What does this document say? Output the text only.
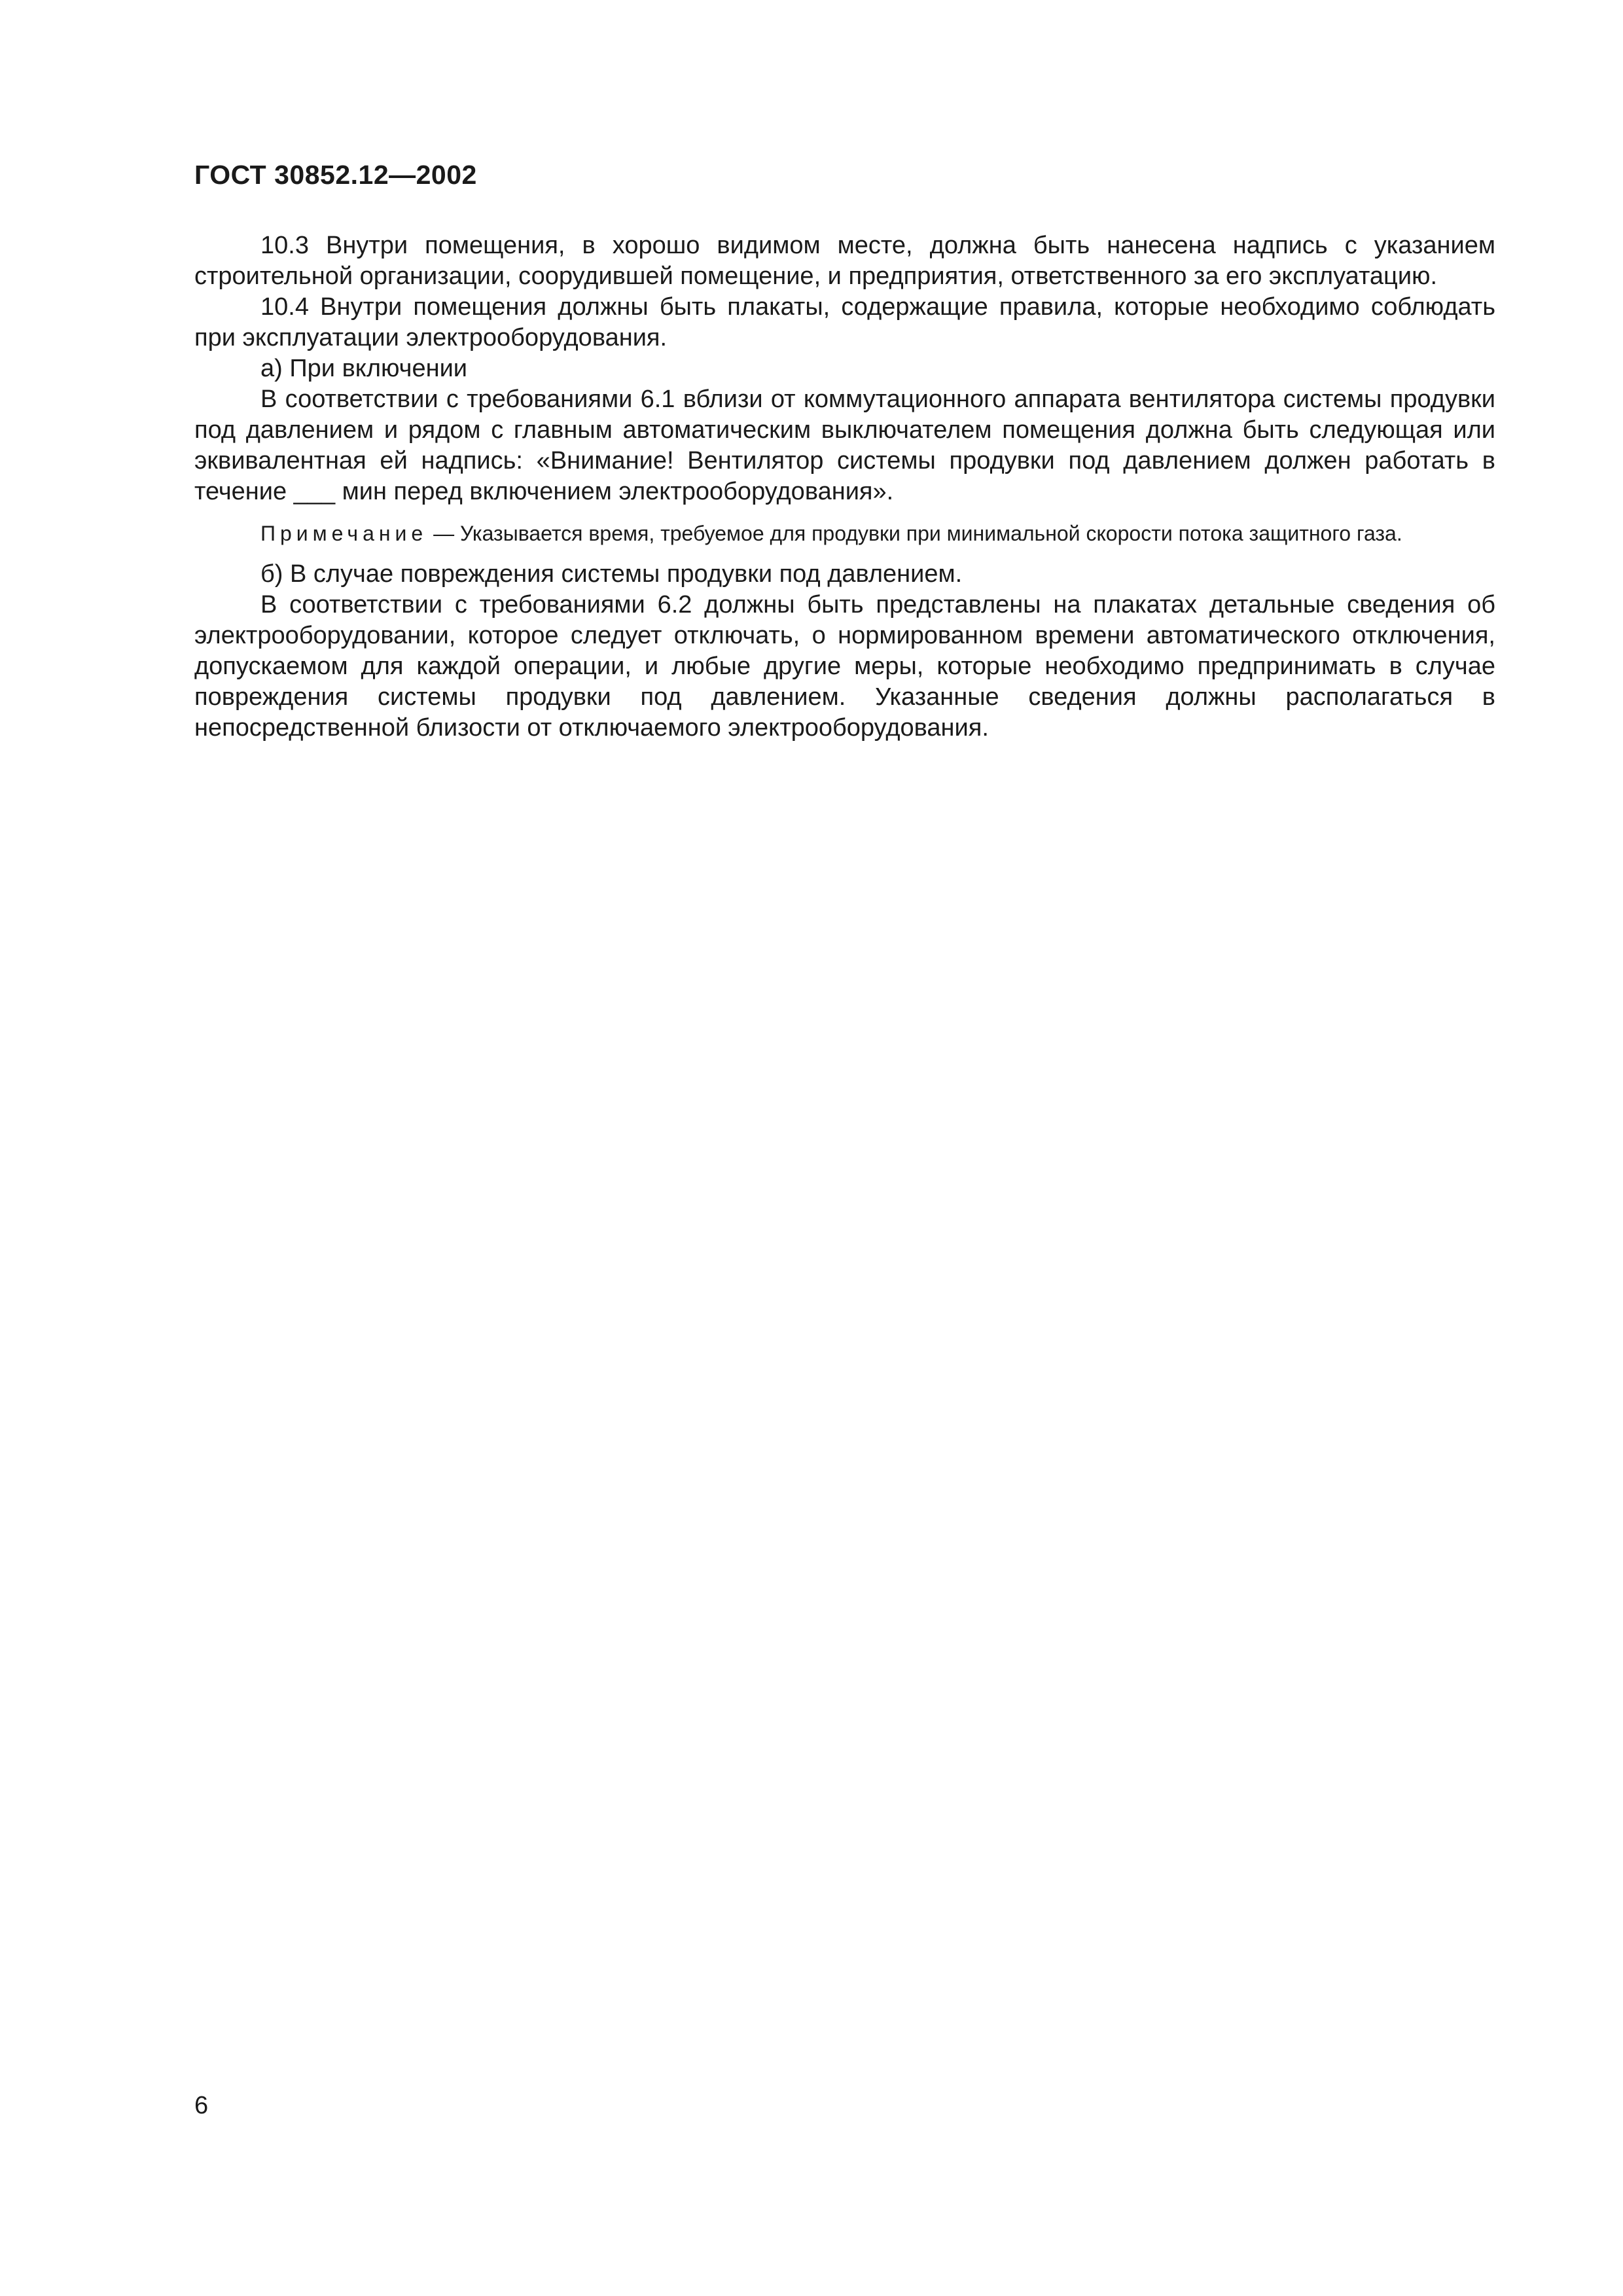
ГОСТ 30852.12—2002

10.3 Внутри помещения, в хорошо видимом месте, должна быть нанесена надпись с указанием строительной организации, соорудившей помещение, и предприятия, ответственного за его эксплуатацию.

10.4 Внутри помещения должны быть плакаты, содержащие правила, которые необходимо соблюдать при эксплуатации электрооборудования.

а) При включении

В соответствии с требованиями 6.1 вблизи от коммутационного аппарата вентилятора системы продувки под давлением и рядом с главным автоматическим выключателем помещения должна быть следующая или эквивалентная ей надпись: «Внимание! Вентилятор системы продувки под давлением должен работать в течение ___ мин перед включением электрооборудования».

Примечание — Указывается время, требуемое для продувки при минимальной скорости потока защитного газа.

б) В случае повреждения системы продувки под давлением.

В соответствии с требованиями 6.2 должны быть представлены на плакатах детальные сведения об электрооборудовании, которое следует отключать, о нормированном времени автоматического отключения, допускаемом для каждой операции, и любые другие меры, которые необходимо предпринимать в случае повреждения системы продувки под давлением. Указанные сведения должны располагаться в непосредственной близости от отключаемого электрооборудования.

6
